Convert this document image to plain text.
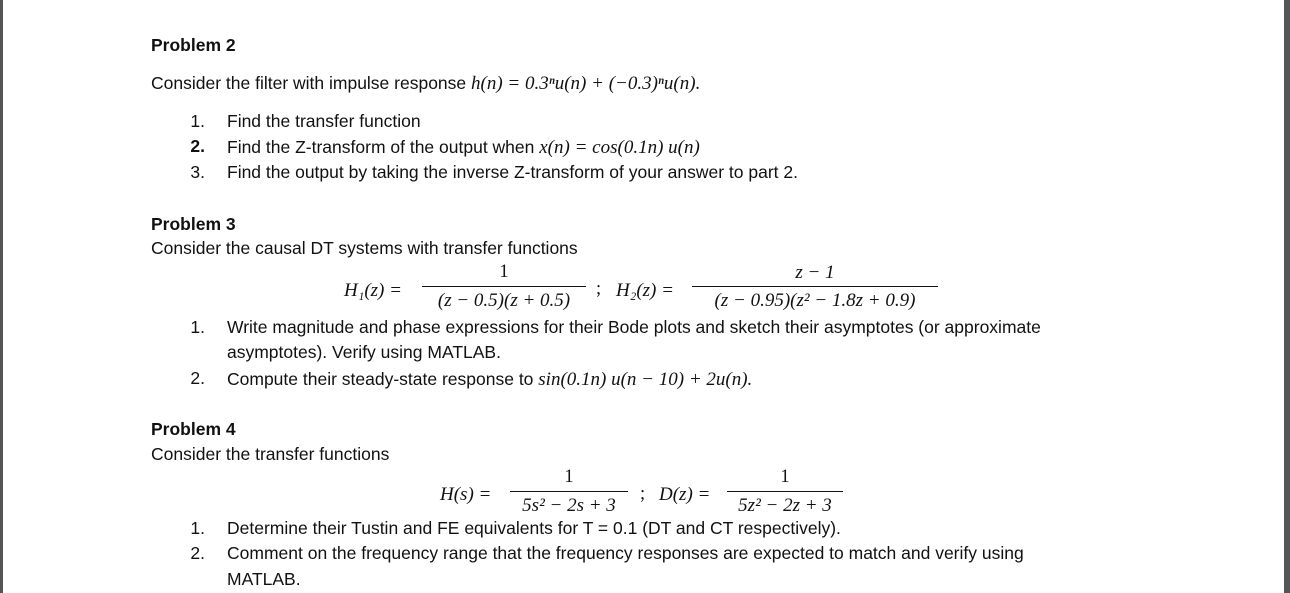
Problem 2
Consider the filter with impulse response h(n) = 0.3ⁿu(n) + (−0.3)ⁿu(n).
1. Find the transfer function
2. Find the Z-transform of the output when x(n) = cos(0.1n) u(n)
3. Find the output by taking the inverse Z-transform of your answer to part 2.
Problem 3
Consider the causal DT systems with transfer functions
H₁(z) =
1
(z − 0.5)(z + 0.5)
; H₂(z) =
z − 1
(z − 0.95)(z² − 1.8z + 0.9)
1. Write magnitude and phase expressions for their Bode plots and sketch their asymptotes (or approximate
asymptotes). Verify using MATLAB.
2. Compute their steady-state response to sin(0.1n) u(n − 10) + 2u(n).
Problem 4
Consider the transfer functions
H(s) =
1
5s² − 2s + 3
; D(z) =
1
5z² − 2z + 3
1. Determine their Tustin and FE equivalents for T = 0.1 (DT and CT respectively).
2. Comment on the frequency range that the frequency responses are expected to match and verify using
MATLAB.
